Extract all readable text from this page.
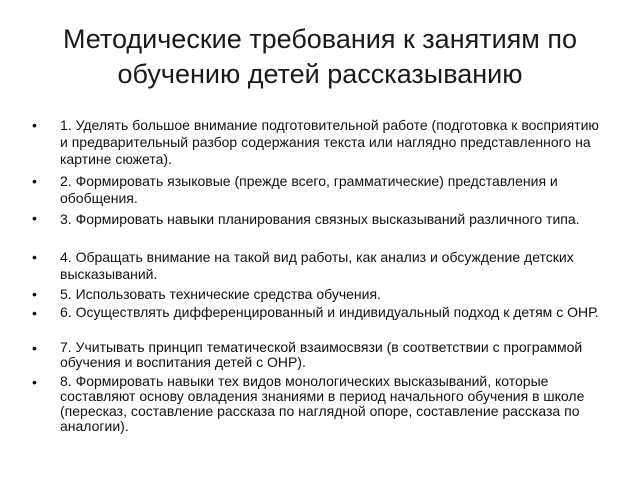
Методические требования к занятиям по
обучению детей рассказыванию
• 1. Уделять большое внимание подготовительной работе (подготовка к восприятию и предварительный разбор содержания текста или наглядно представленного на картине сюжета).
• 2. Формировать языковые (прежде всего, грамматические) представления и обобщения.
• 3. Формировать навыки планирования связных высказываний различного типа.
• 4. Обращать внимание на такой вид работы, как анализ и обсуждение детских высказываний.
• 5. Использовать технические средства обучения.
• 6. Осуществлять дифференцированный и индивидуальный подход к детям с ОНР.
• 7. Учитывать принцип тематической взаимосвязи (в соответствии с программой обучения и воспитания детей с ОНР).
• 8. Формировать навыки тех видов монологических высказываний, которые составляют основу овладения знаниями в период начального обучения в школе (пересказ, составление рассказа по наглядной опоре, составление рассказа по аналогии).
